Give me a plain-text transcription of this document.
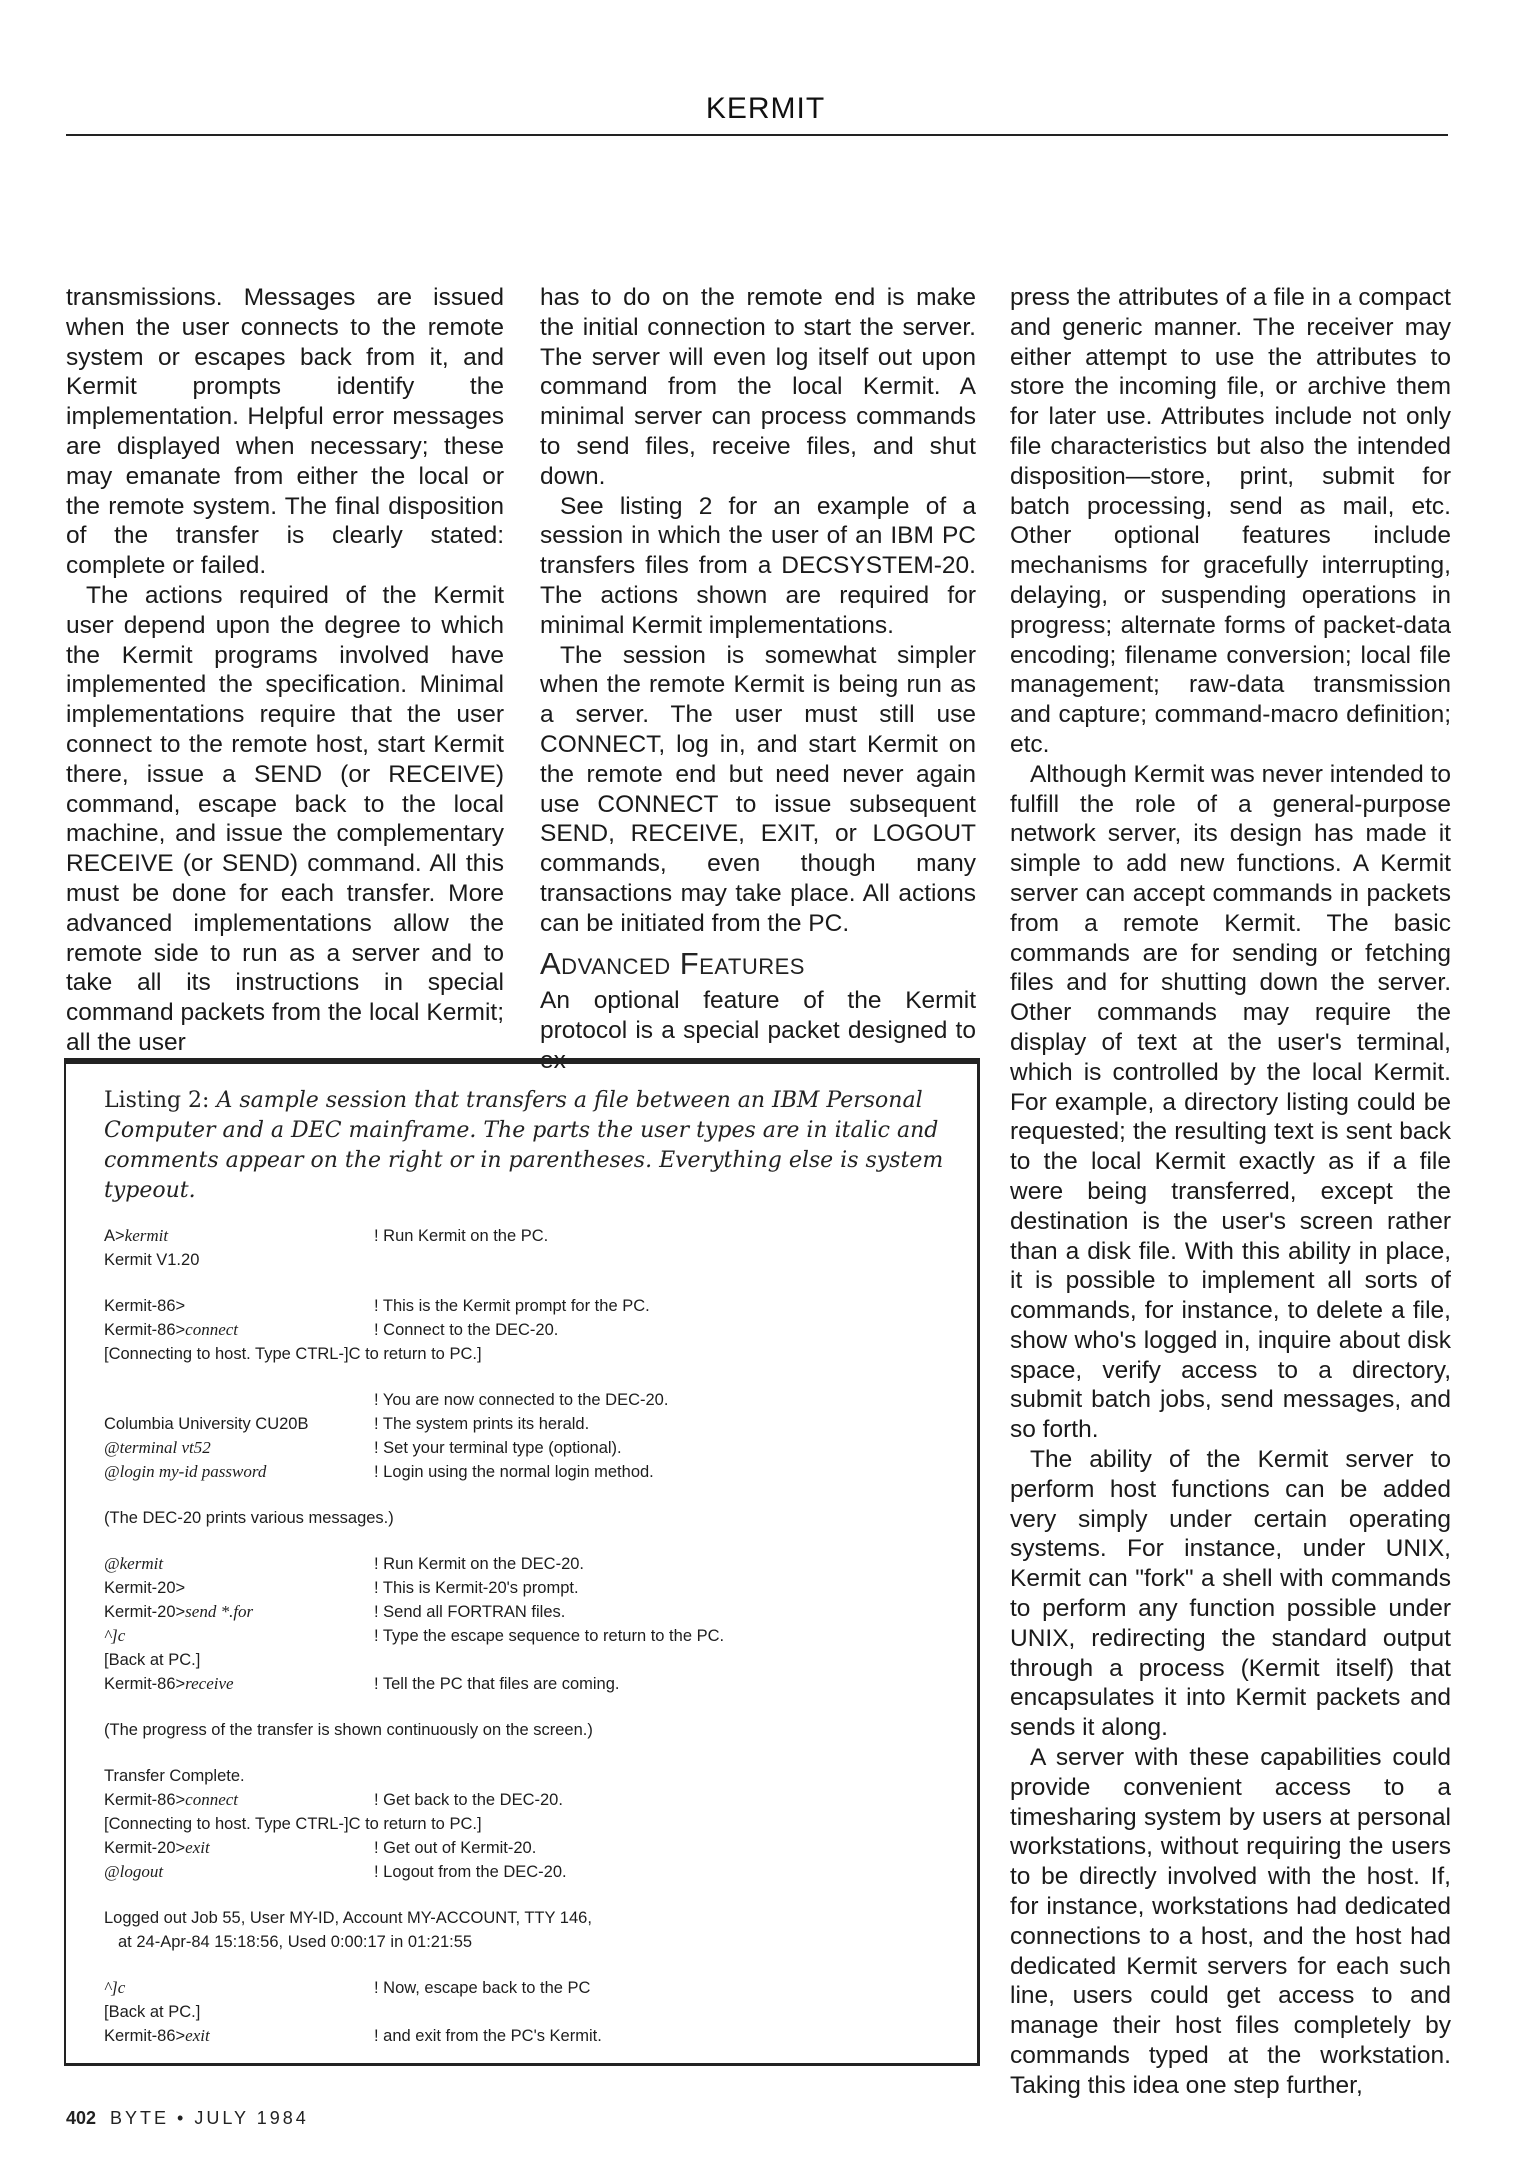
KERMIT

transmissions. Messages are issued when the user connects to the remote system or escapes back from it, and Kermit prompts identify the implementation. Helpful error messages are displayed when necessary; these may emanate from either the local or the remote system. The final disposition of the transfer is clearly stated: complete or failed.

The actions required of the Kermit user depend upon the degree to which the Kermit programs involved have implemented the specification. Minimal implementations require that the user connect to the remote host, start Kermit there, issue a SEND (or RECEIVE) command, escape back to the local machine, and issue the complementary RECEIVE (or SEND) command. All this must be done for each transfer. More advanced implementations allow the remote side to run as a server and to take all its instructions in special command packets from the local Kermit; all the user

has to do on the remote end is make the initial connection to start the server. The server will even log itself out upon command from the local Kermit. A minimal server can process commands to send files, receive files, and shut down.

See listing 2 for an example of a session in which the user of an IBM PC transfers files from a DECSYSTEM-20. The actions shown are required for minimal Kermit implementations.

The session is somewhat simpler when the remote Kermit is being run as a server. The user must still use CONNECT, log in, and start Kermit on the remote end but need never again use CONNECT to issue subsequent SEND, RECEIVE, EXIT, or LOGOUT commands, even though many transactions may take place. All actions can be initiated from the PC.

Advanced Features

An optional feature of the Kermit protocol is a special packet designed to ex-

press the attributes of a file in a compact and generic manner. The receiver may either attempt to use the attributes to store the incoming file, or archive them for later use. Attributes include not only file characteristics but also the intended disposition—store, print, submit for batch processing, send as mail, etc. Other optional features include mechanisms for gracefully interrupting, delaying, or suspending operations in progress; alternate forms of packet-data encoding; filename conversion; local file management; raw-data transmission and capture; command-macro definition; etc.

Although Kermit was never intended to fulfill the role of a general-purpose network server, its design has made it simple to add new functions. A Kermit server can accept commands in packets from a remote Kermit. The basic commands are for sending or fetching files and for shutting down the server. Other commands may require the display of text at the user's terminal, which is controlled by the local Kermit. For example, a directory listing could be requested; the resulting text is sent back to the local Kermit exactly as if a file were being transferred, except the destination is the user's screen rather than a disk file. With this ability in place, it is possible to implement all sorts of commands, for instance, to delete a file, show who's logged in, inquire about disk space, verify access to a directory, submit batch jobs, send messages, and so forth.

The ability of the Kermit server to perform host functions can be added very simply under certain operating systems. For instance, under UNIX, Kermit can "fork" a shell with commands to perform any function possible under UNIX, redirecting the standard output through a process (Kermit itself) that encapsulates it into Kermit packets and sends it along.

A server with these capabilities could provide convenient access to a timesharing system by users at personal workstations, without requiring the users to be directly involved with the host. If, for instance, workstations had dedicated connections to a host, and the host had dedicated Kermit servers for each such line, users could get access to and manage their host files completely by commands typed at the workstation. Taking this idea one step further,

Listing 2: A sample session that transfers a file between an IBM Personal Computer and a DEC mainframe. The parts the user types are in italic and comments appear on the right or in parentheses. Everything else is system typeout.
A>kermit	! Run Kermit on the PC.
Kermit V1.20
Kermit-86>	! This is the Kermit prompt for the PC.
Kermit-86>connect	! Connect to the DEC-20.
[Connecting to host. Type CTRL-]C to return to PC.]
! You are now connected to the DEC-20.
Columbia University CU20B	! The system prints its herald.
@terminal vt52	! Set your terminal type (optional).
@login my-id password	! Login using the normal login method.
(The DEC-20 prints various messages.)
@kermit	! Run Kermit on the DEC-20.
Kermit-20>	! This is Kermit-20's prompt.
Kermit-20>send *.for	! Send all FORTRAN files.
^]c	! Type the escape sequence to return to the PC.
[Back at PC.]
Kermit-86>receive	! Tell the PC that files are coming.
(The progress of the transfer is shown continuously on the screen.)
Transfer Complete.
Kermit-86>connect	! Get back to the DEC-20.
[Connecting to host. Type CTRL-]C to return to PC.]
Kermit-20>exit	! Get out of Kermit-20.
@logout	! Logout from the DEC-20.
Logged out Job 55, User MY-ID, Account MY-ACCOUNT, TTY 146,
at 24-Apr-84 15:18:56, Used 0:00:17 in 01:21:55
^]c	! Now, escape back to the PC
[Back at PC.]
Kermit-86>exit	! and exit from the PC's Kermit.
402 BYTE • JULY 1984
